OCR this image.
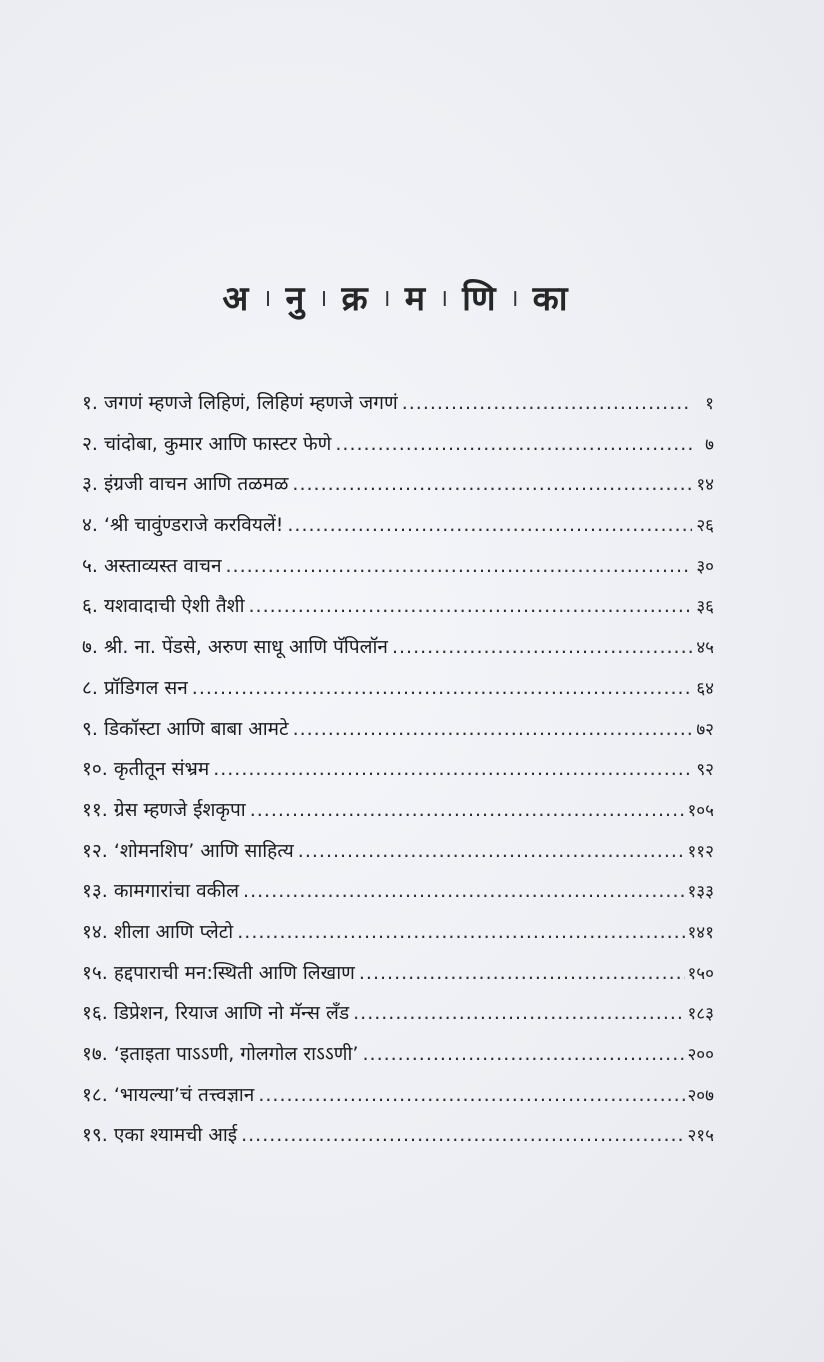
अ । नु । क्र । म । णि । का
१. जगणं म्हणजे लिहिणं, लिहिणं म्हणजे जगणं .....	१
२. चांदोबा, कुमार आणि फास्टर फेणे .....	७
३. इंग्रजी वाचन आणि तळमळ .....	१४
४. ‘श्री चावुंण्डराजे करवियलें! .....	२६
५. अस्ताव्यस्त वाचन .....	३०
६. यशवादाची ऐशी तैशी .....	३६
७. श्री. ना. पेंडसे, अरुण साधू आणि पॅपिलॉन .....	४५
८. प्रॉडिगल सन .....	६४
९. डिकॉस्टा आणि बाबा आमटे .....	७२
१०. कृतीतून संभ्रम .....	९२
११. ग्रेस म्हणजे ईशकृपा .....	१०५
१२. ‘शोमनशिप’ आणि साहित्य .....	११२
१३. कामगारांचा वकील .....	१३३
१४. शीला आणि प्लेटो .....	१४१
१५. हद्दपाराची मन:स्थिती आणि लिखाण .....	१५०
१६. डिप्रेशन, रियाज आणि नो मॅन्स लँड .....	१८३
१७. ‘इताइता पाऽऽणी, गोलगोल राऽऽणी’ .....	२००
१८. ‘भायल्या’चं तत्त्वज्ञान .....	२०७
१९. एका श्यामची आई .....	२१५
